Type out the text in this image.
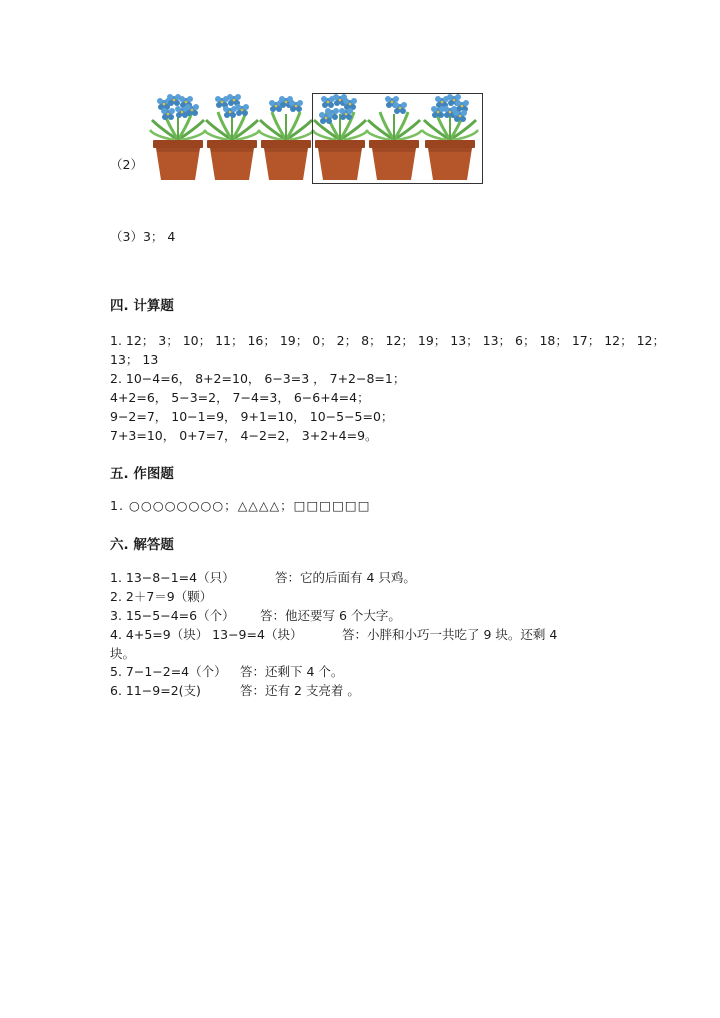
（2）
（3）3； 4
四. 计算题
1. 12； 3； 10； 11； 16； 19； 0； 2； 8； 12； 19； 13； 13； 6； 18； 17； 12； 12；
13； 13
2. 10−4=6， 8+2=10， 6−3=3 ， 7+2−8=1；
4+2=6， 5−3=2， 7−4=3， 6−6+4=4；
9−2=7， 10−1=9， 9+1=10， 10−5−5=0；
7+3=10， 0+7=7， 4−2=2， 3+2+4=9。
五. 作图题
1. ○○○○○○○○；△△△△；□□□□□□
六. 解答题
1. 13−8−1=4（只）	答：它的后面有 4 只鸡。
2. 2＋7＝9（颗）
3. 15−5−4=6（个） 答：他还要写 6 个大字。
4. 4+5=9（块） 13−9=4（块）	答：小胖和小巧一共吃了 9 块。还剩 4
块。
5. 7−1−2=4（个） 答：还剩下 4 个。
6. 11−9=2(支)	答：还有 2 支亮着 。
